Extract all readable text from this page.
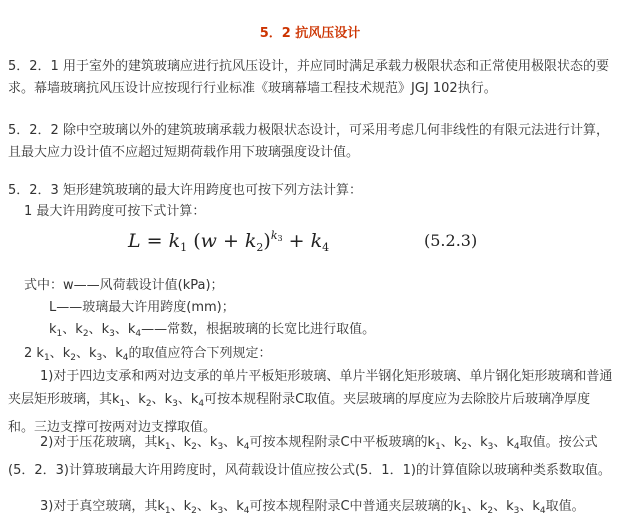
5．2 抗风压设计
5．2．1 用于室外的建筑玻璃应进行抗风压设计，并应同时满足承载力极限状态和正常使用极限状态的要求。幕墙玻璃抗风压设计应按现行行业标准《玻璃幕墙工程技术规范》JGJ 102执行。
5．2．2 除中空玻璃以外的建筑玻璃承载力极限状态设计，可采用考虑几何非线性的有限元法进行计算，且最大应力设计值不应超过短期荷载作用下玻璃强度设计值。
5．2．3 矩形建筑玻璃的最大许用跨度也可按下列方法计算：
1 最大许用跨度可按下式计算：
$L = k_1$ $(w + k_2)^{k_3} + k_4$	(5.2.3)
式中：w——风荷载设计值(kPa)；
L——玻璃最大许用跨度(mm)；
$k_1$、$k_2$、$k_3$、$k_4——$常数，根据玻璃的长宽比进行取值。
2 $k_1$、$k_2$、$k_3$、$k_4$的取值应符合下列规定：
1)对于四边支承和两对边支承的单片平板矩形玻璃、单片半钢化矩形玻璃、单片钢化矩形玻璃和普通夹层矩形玻璃，其$k_1$、$k_2$、$k_3$、$k_4$可按本规程附录C取值。夹层玻璃的厚度应为去除胶片后玻璃净厚度和。三边支撑可按两对边支撑取值。
2)对于压花玻璃，其$k_1$、$k_2$、$k_3$、$k_4$可按本规程附录C中平板玻璃的$k_1$、$k_2$、$k_3$、$k_4$取值。按公式(5．2．3)计算玻璃最大许用跨度时，风荷载设计值应按公式(5．1．1)的计算值除以玻璃种类系数取值。
3)对于真空玻璃，其$k_1$、$k_2$、$k_3$、$k_4$可按本规程附录C中普通夹层玻璃的$k_1$、$k_2$、$k_3$、$k_4$取值。
